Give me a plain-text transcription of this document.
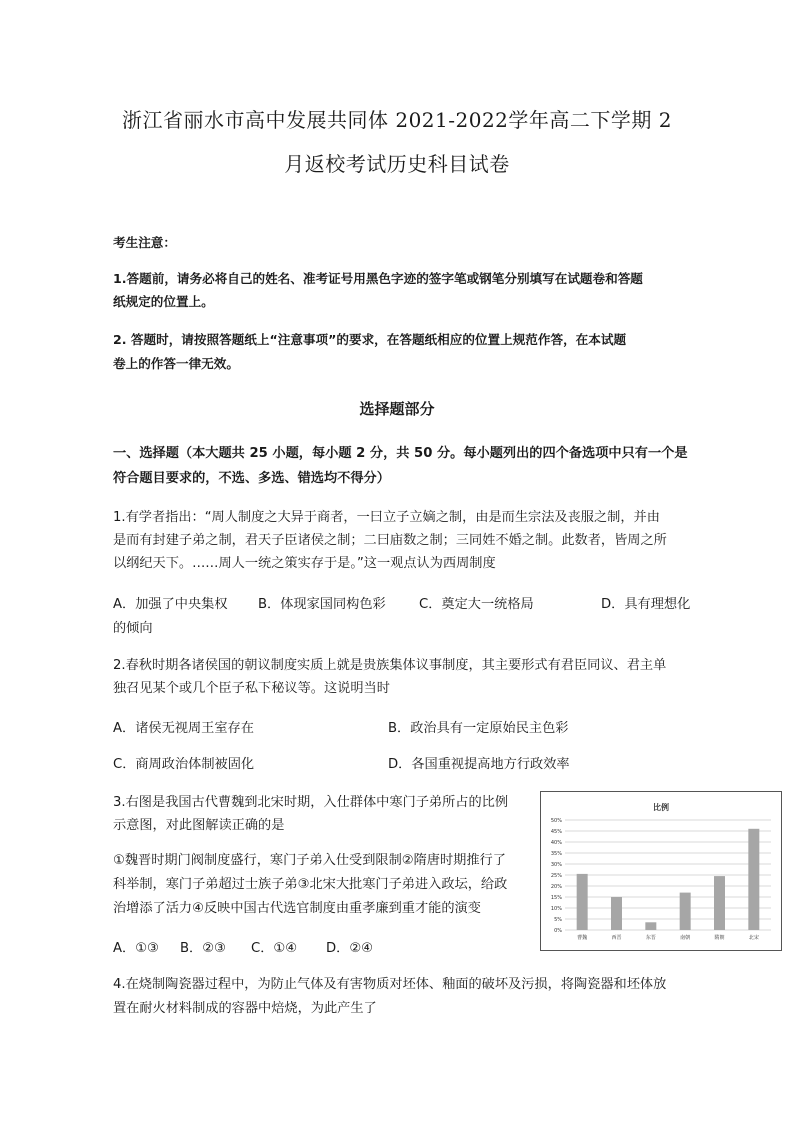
浙江省丽水市高中发展共同体 2021-2022学年高二下学期 2
月返校考试历史科目试卷
考生注意：
1.答题前，请务必将自己的姓名、准考证号用黑色字迹的签字笔或钢笔分别填写在试题卷和答题
纸规定的位置上。
2. 答题时，请按照答题纸上“注意事项”的要求，在答题纸相应的位置上规范作答，在本试题
卷上的作答一律无效。
选择题部分
一、选择题（本大题共 25 小题，每小题 2 分，共 50 分。每小题列出的四个备选项中只有一个是
符合题目要求的，不选、多选、错选均不得分）
1.有学者指出：“周人制度之大异于商者，一曰立子立嫡之制，由是而生宗法及丧服之制，并由
是而有封建子弟之制，君天子臣诸侯之制；二曰庙数之制；三同姓不婚之制。此数者，皆周之所
以纲纪天下。……周人一统之策实存于是。”这一观点认为西周制度
A．加强了中央集权 B．体现家国同构色彩	C．奠定大一统格局	D．具有理想化
的倾向
2.春秋时期各诸侯国的朝议制度实质上就是贵族集体议事制度，其主要形式有君臣同议、君主单
独召见某个或几个臣子私下秘议等。这说明当时
A．诸侯无视周王室存在	B．政治具有一定原始民主色彩
C．商周政治体制被固化	D．各国重视提高地方行政效率
3.右图是我国古代曹魏到北宋时期，入仕群体中寒门子弟所占的比例
示意图，对此图解读正确的是
①魏晋时期门阀制度盛行，寒门子弟入仕受到限制②隋唐时期推行了
科举制，寒门子弟超过士族子弟③北宋大批寒门子弟进入政坛，给政
治增添了活力④反映中国古代选官制度由重孝廉到重才能的演变
A．①③ B．②③ C．①④ D．②④
比例
0%
5%
10%
15%
20%
25%
30%
35%
40%
45%
50%
曹魏	西晋	东晋	南朝	隋朝	北宋
4.在烧制陶瓷器过程中，为防止气体及有害物质对坯体、釉面的破坏及污损，将陶瓷器和坯体放
置在耐火材料制成的容器中焙烧，为此产生了
